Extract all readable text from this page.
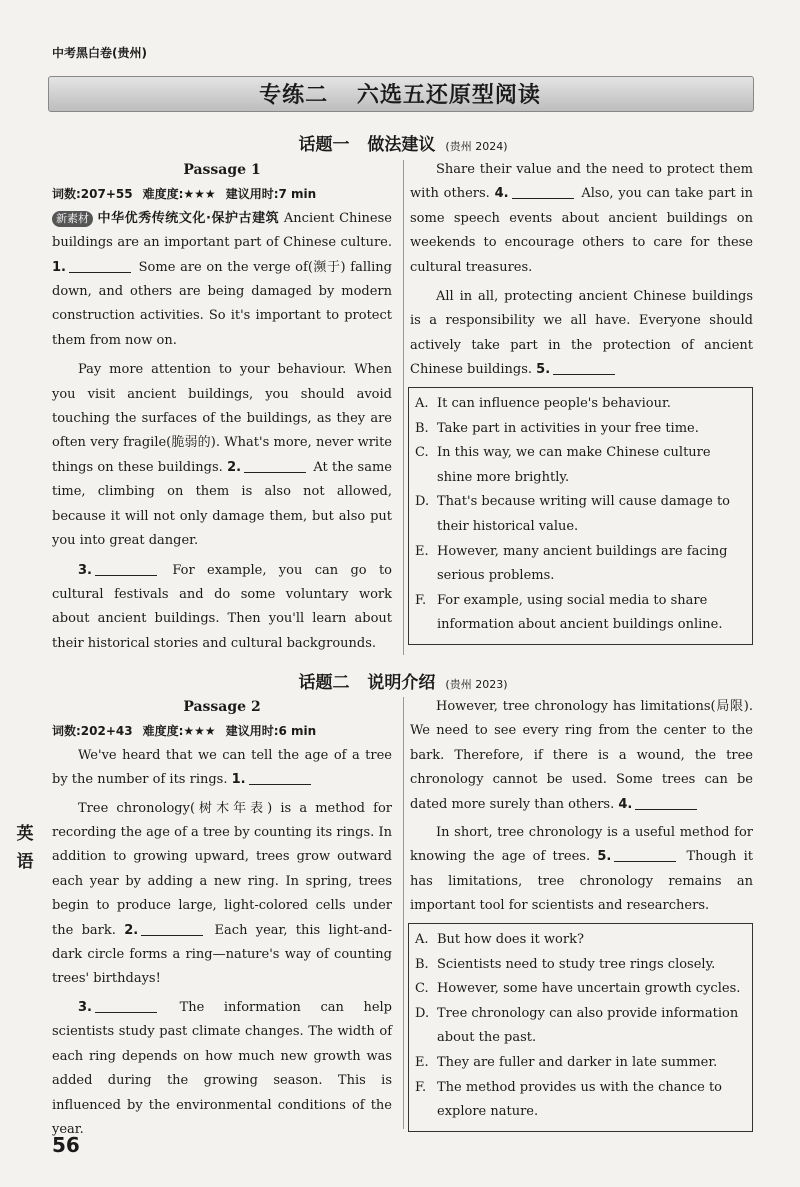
中考黑白卷(贵州)
专练二 六选五还原型阅读
话题一 做法建议 (贵州 2024)

Passage 1

词数:207+55 难度度:★★★ 建议用时:7 min

新素材 中华优秀传统文化·保护古建筑 Ancient Chinese buildings are an important part of Chinese culture. 1.	Some are on the verge of(濒于) falling down, and others are being damaged by modern construction activities. So it's important to protect them from now on.

Pay more attention to your behaviour. When you visit ancient buildings, you should avoid touching the surfaces of the buildings, as they are often very fragile(脆弱的). What's more, never write things on these buildings. 2.	At the same time, climbing on them is also not allowed, because it will not only damage them, but also put you into great danger.

3.	For example, you can go to cultural festivals and do some voluntary work about ancient buildings. Then you'll learn about their historical stories and cultural backgrounds.

Share their value and the need to protect them with others. 4.	Also, you can take part in some speech events about ancient buildings on weekends to encourage others to care for these cultural treasures.

All in all, protecting ancient Chinese buildings is a responsibility we all have. Everyone should actively take part in the protection of ancient Chinese buildings. 5.

A. It can influence people's behaviour.
B. Take part in activities in your free time.
C. In this way, we can make Chinese culture shine more brightly.
D. That's because writing will cause damage to their historical value.
E. However, many ancient buildings are facing serious problems.
F. For example, using social media to share information about ancient buildings online.
话题二 说明介绍 (贵州 2023)

Passage 2

词数:202+43 难度度:★★★ 建议用时:6 min

We've heard that we can tell the age of a tree by the number of its rings. 1.

Tree chronology(树木年表) is a method for recording the age of a tree by counting its rings. In addition to growing upward, trees grow outward each year by adding a new ring. In spring, trees begin to produce large, light-colored cells under the bark. 2.	Each year, this light-and-dark circle forms a ring—nature's way of counting trees' birthdays!

3.	The information can help scientists study past climate changes. The width of each ring depends on how much new growth was added during the growing season. This is influenced by the environmental conditions of the year.

However, tree chronology has limitations(局限). We need to see every ring from the center to the bark. Therefore, if there is a wound, the tree chronology cannot be used. Some trees can be dated more surely than others. 4.

In short, tree chronology is a useful method for knowing the age of trees. 5.	Though it has limitations, tree chronology remains an important tool for scientists and researchers.

A. But how does it work?
B. Scientists need to study tree rings closely.
C. However, some have uncertain growth cycles.
D. Tree chronology can also provide information about the past.
E. They are fuller and darker in late summer.
F. The method provides us with the chance to explore nature.
英
语
56
